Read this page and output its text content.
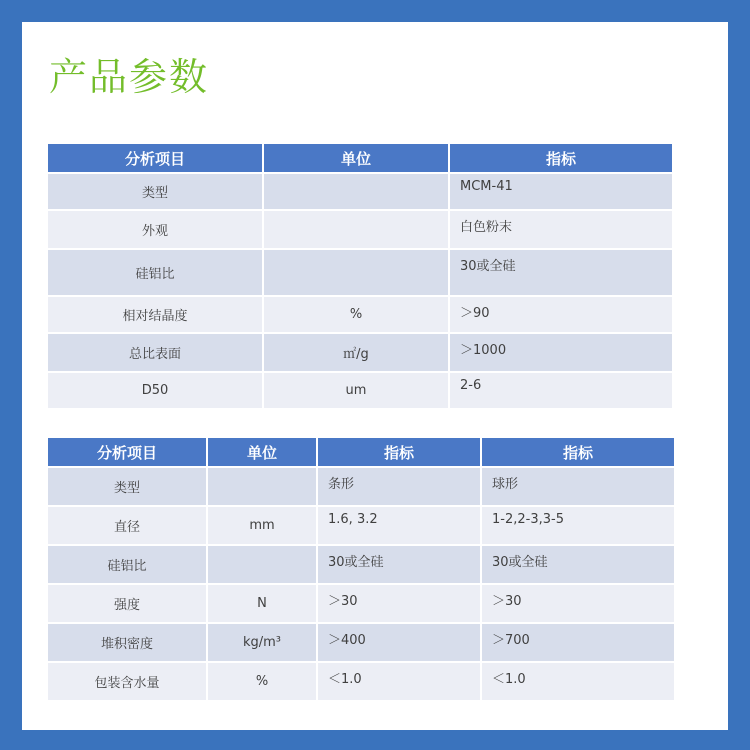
产品参数
分析项目	单位	指标
类型		MCM-41
外观		白色粉末
硅铝比		30或全硅
相对结晶度	%	＞90
总比表面	㎡/g	＞1000
D50	um	2-6
分析项目	单位	指标	指标
类型		条形	球形
直径	mm	1.6, 3.2	1-2,2-3,3-5
硅铝比		30或全硅	30或全硅
强度	N	＞30	＞30
堆积密度	kg/m³	＞400	＞700
包装含水量	%	＜1.0	＜1.0
